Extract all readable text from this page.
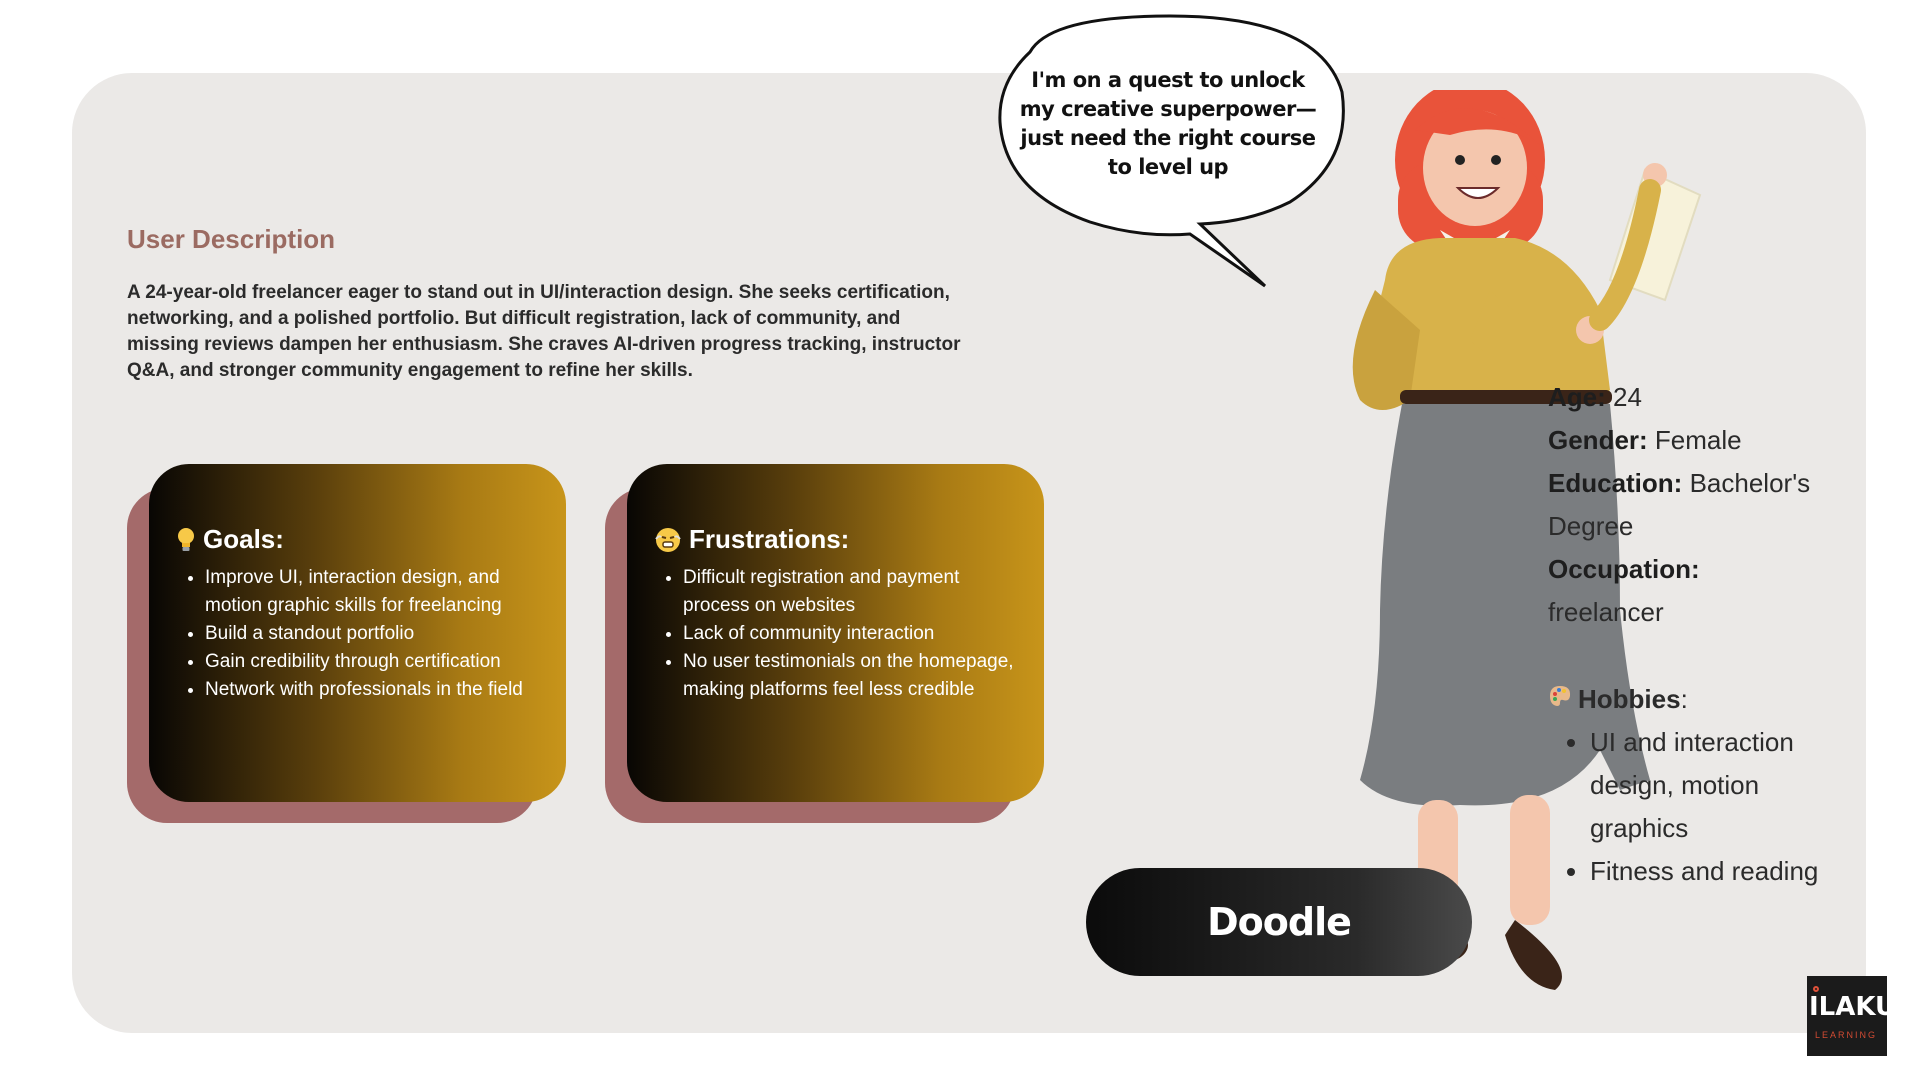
User Description
A 24-year-old freelancer eager to stand out in UI/interaction design. She seeks certification, networking, and a polished portfolio. But difficult registration, lack of community, and missing reviews dampen her enthusiasm. She craves AI-driven progress tracking, instructor Q&A, and stronger community engagement to refine her skills.
Goals:
• Improve UI, interaction design, and motion graphic skills for freelancing
• Build a standout portfolio
• Gain credibility through certification
• Network with professionals in the field
Frustrations:
• Difficult registration and payment process on websites
• Lack of community interaction
• No user testimonials on the homepage, making platforms feel less credible
I'm on a quest to unlock my creative superpower—just need the right course to level up
Doodle
Age: 24
Gender: Female
Education: Bachelor's Degree
Occupation:
freelancer
Hobbies:
• UI and interaction design, motion graphics
• Fitness and reading
ILAKU
LEARNING
